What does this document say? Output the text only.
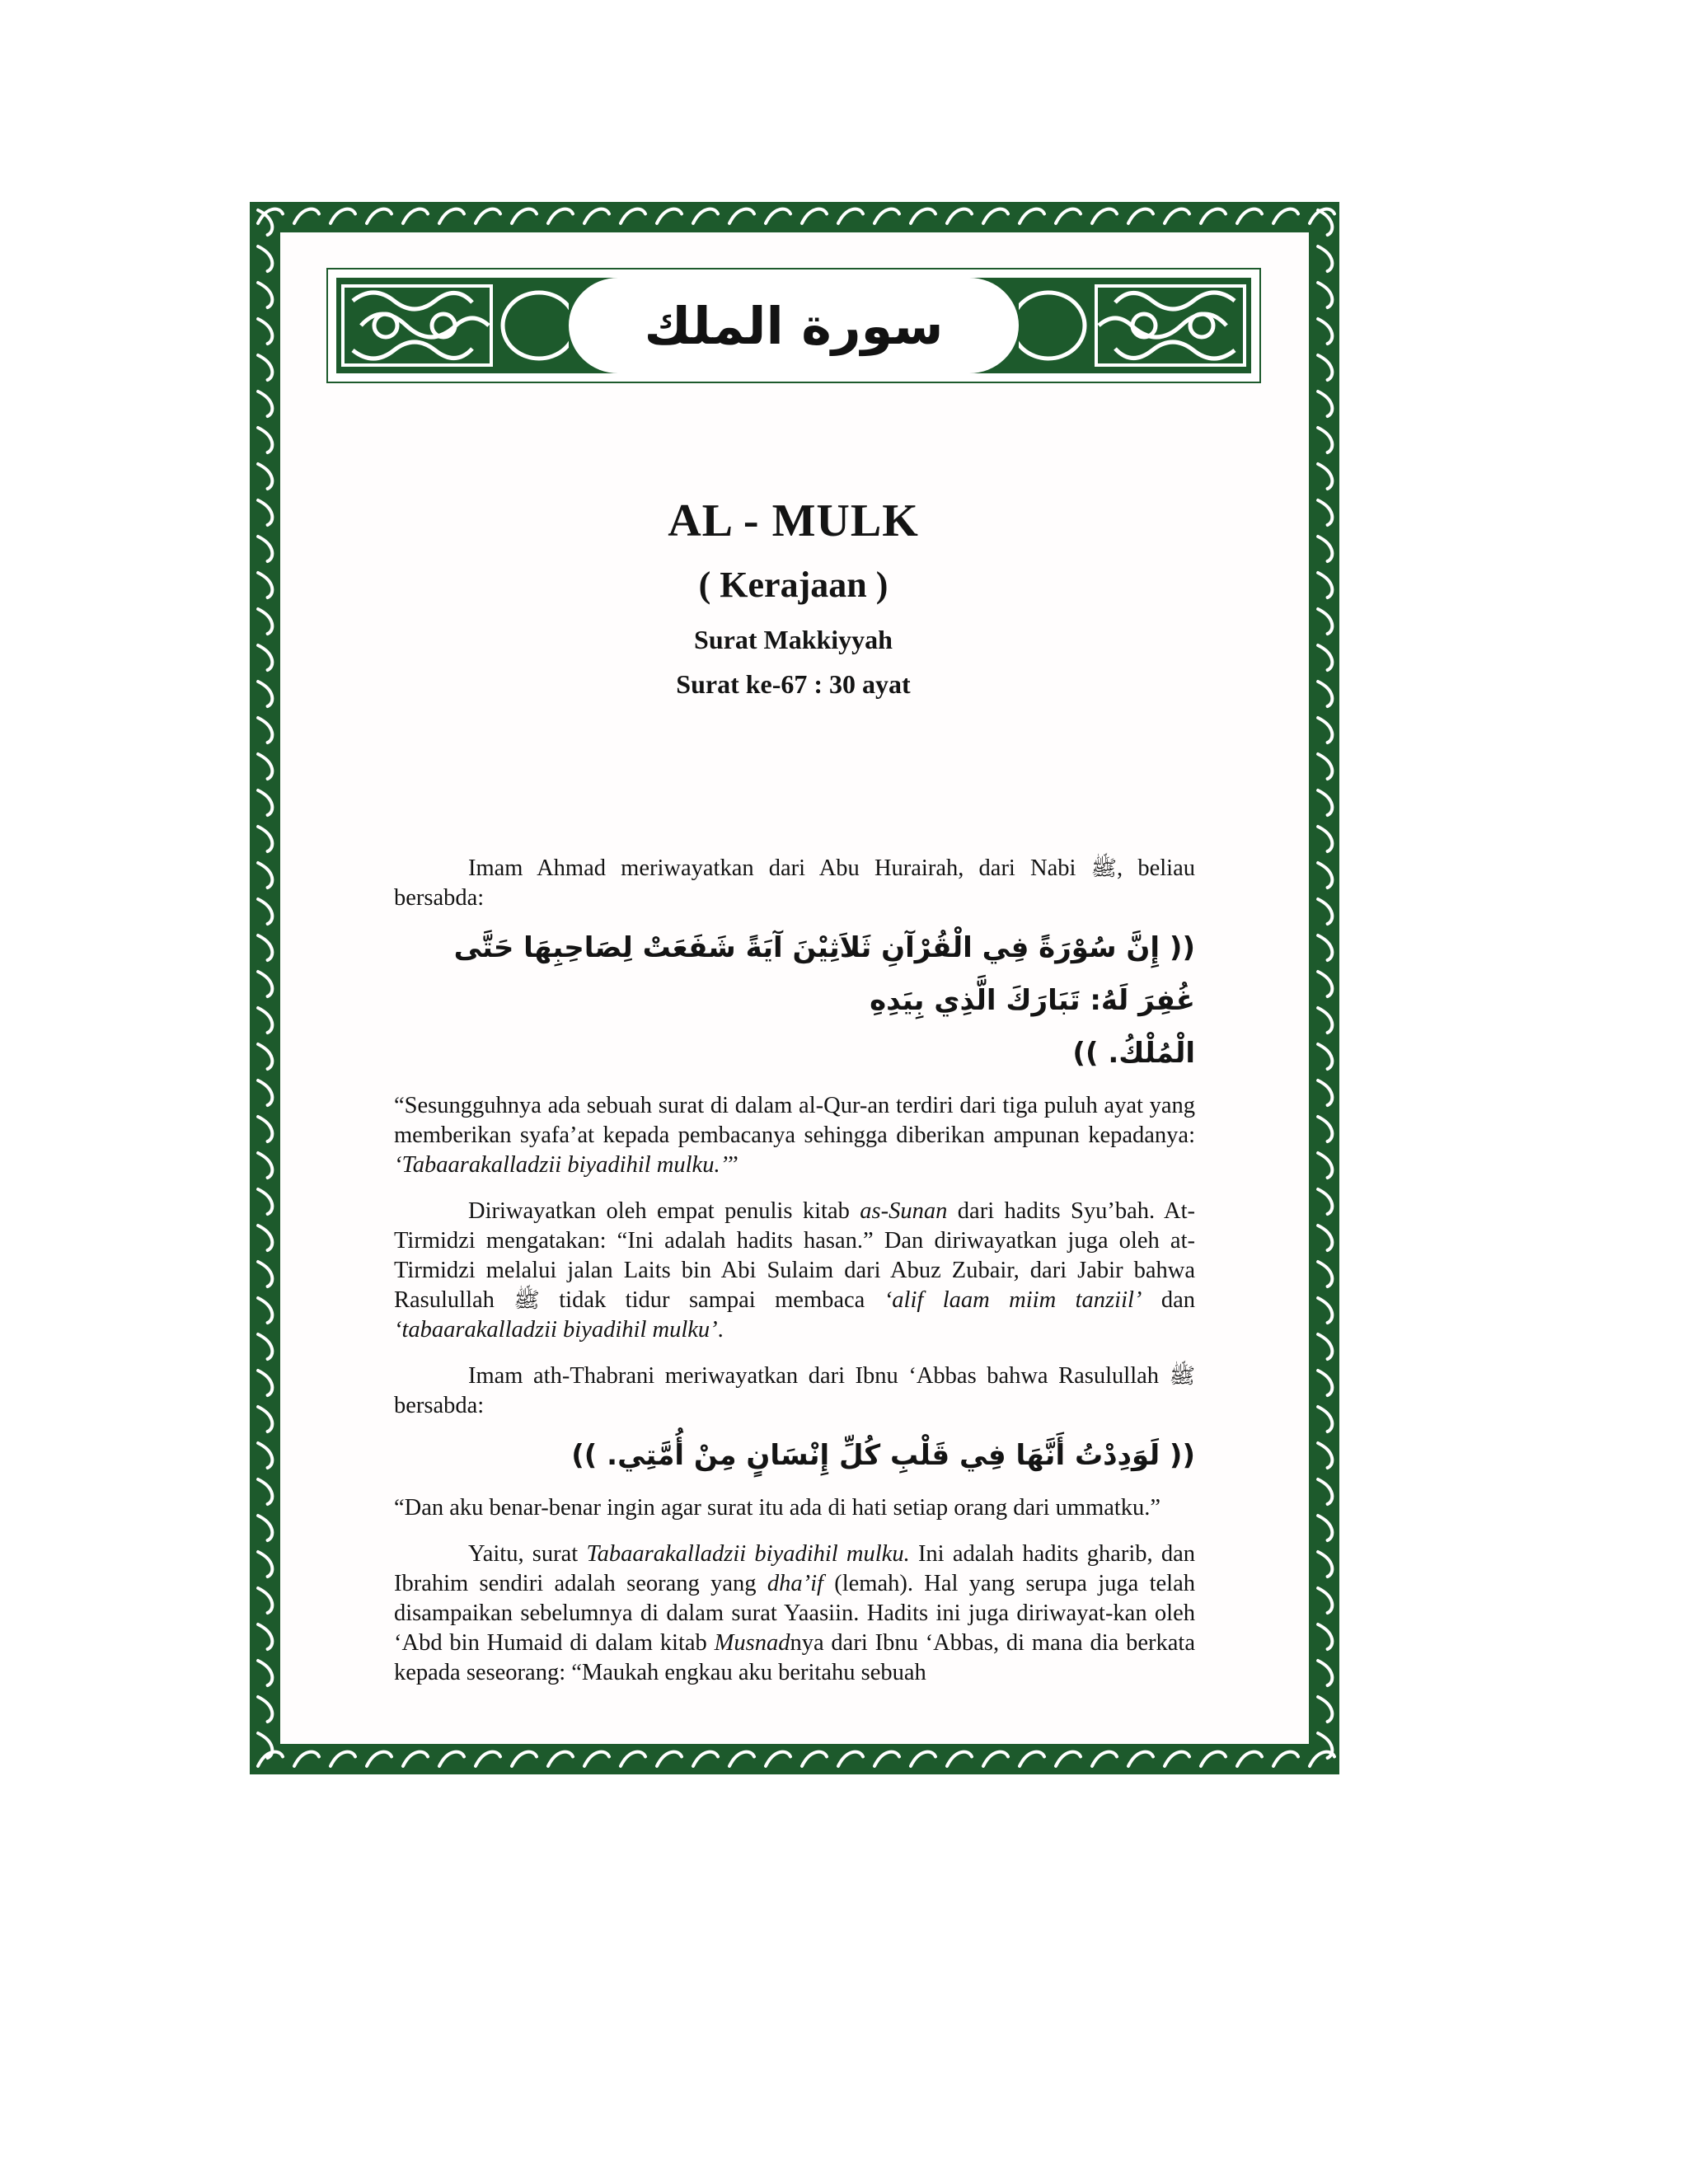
سورة الملك
AL - MULK
( Kerajaan )
Surat Makkiyyah
Surat ke-67 : 30 ayat

Imam Ahmad meriwayatkan dari Abu Hurairah, dari Nabi ﷺ, beliau bersabda:

(( إِنَّ سُوْرَةً فِي الْقُرْآنِ ثَلاَثِيْنَ آيَةً شَفَعَتْ لِصَاحِبِهَا حَتَّى غُفِرَ لَهُ: تَبَارَكَ الَّذِي بِيَدِهِ
الْمُلْكُ. ))

“Sesungguhnya ada sebuah surat di dalam al-Qur-an terdiri dari tiga puluh ayat yang memberikan syafa’at kepada pembacanya sehingga diberikan ampunan kepadanya: ‘Tabaarakalladzii biyadihil mulku.’”

Diriwayatkan oleh empat penulis kitab as-Sunan dari hadits Syu’bah. At-Tirmidzi mengatakan: “Ini adalah hadits hasan.” Dan diriwayatkan juga oleh at-Tirmidzi melalui jalan Laits bin Abi Sulaim dari Abuz Zubair, dari Jabir bahwa Rasulullah ﷺ tidak tidur sampai membaca ‘alif laam miim tanziil’ dan ‘tabaarakalladzii biyadihil mulku’.

Imam ath-Thabrani meriwayatkan dari Ibnu ‘Abbas bahwa Rasulullah ﷺ bersabda:

(( لَوَدِدْتُ أَنَّهَا فِي قَلْبِ كُلِّ إِنْسَانٍ مِنْ أُمَّتِي. ))

“Dan aku benar-benar ingin agar surat itu ada di hati setiap orang dari ummatku.”

Yaitu, surat Tabaarakalladzii biyadihil mulku. Ini adalah hadits gharib, dan Ibrahim sendiri adalah seorang yang dha’if (lemah). Hal yang serupa juga telah disampaikan sebelumnya di dalam surat Yaasiin. Hadits ini juga diriwayat-kan oleh ‘Abd bin Humaid di dalam kitab Musnadnya dari Ibnu ‘Abbas, di mana dia berkata kepada seseorang: “Maukah engkau aku beritahu sebuah
